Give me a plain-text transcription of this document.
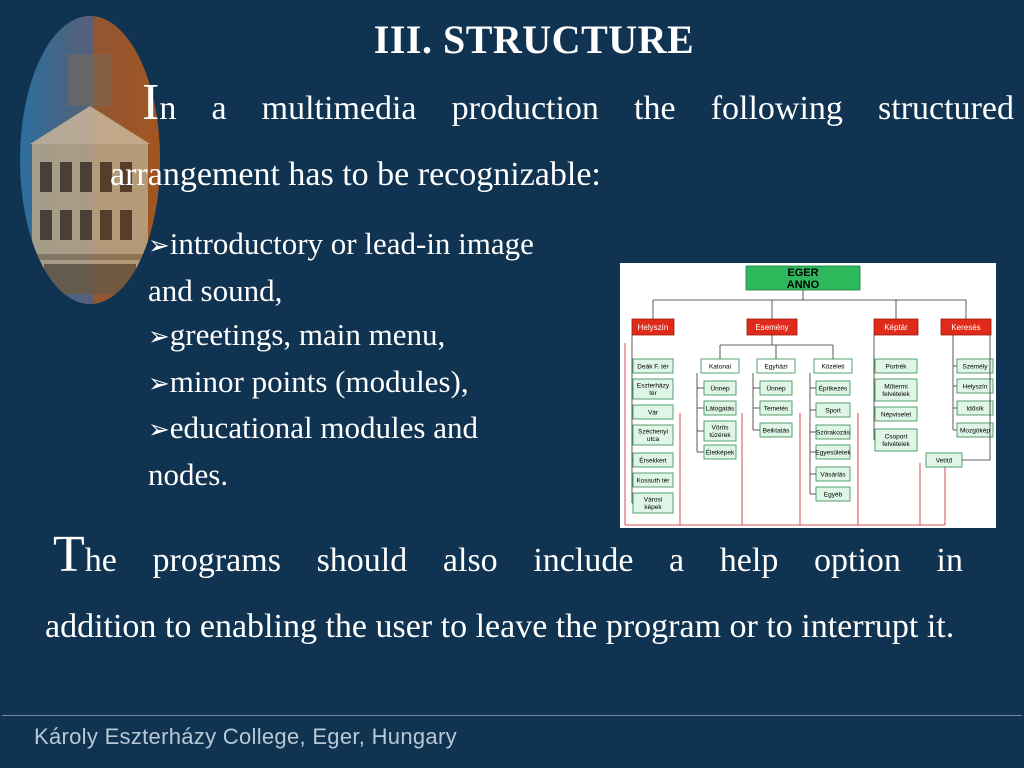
III. STRUCTURE
In a multimedia production the following structured
arrangement has to be recognizable:
➢introductory or lead-in image
and sound,
➢greetings, main menu,
➢minor points (modules),
➢educational modules and
nodes.
EGER
ANNO
Helyszín	Esemény	Képtár	Keresés
Deák F. tér
Eszterházy
tér
Vár
Széchenyi
utca
Érsekkert
Kossuth tér
Városi
képek
Katonai	Egyházi	Közéleti
Ünnep
Látogatás
Vörös
tüzérek
Életképek
Ünnep
Temetés
Beiktatás
Építkezés
Sport
Szórakozás
Egyesületek
Vásárlás
Egyéb
Portrék
Műtermi
felvételek
Népviselet
Csoport
felvételek
Személy
Helyszín
Idősík
Mozgókép
Vetítő
The programs should also include a help option in
addition to enabling the user to leave the program or to interrupt it.
Károly Eszterházy College, Eger, Hungary
